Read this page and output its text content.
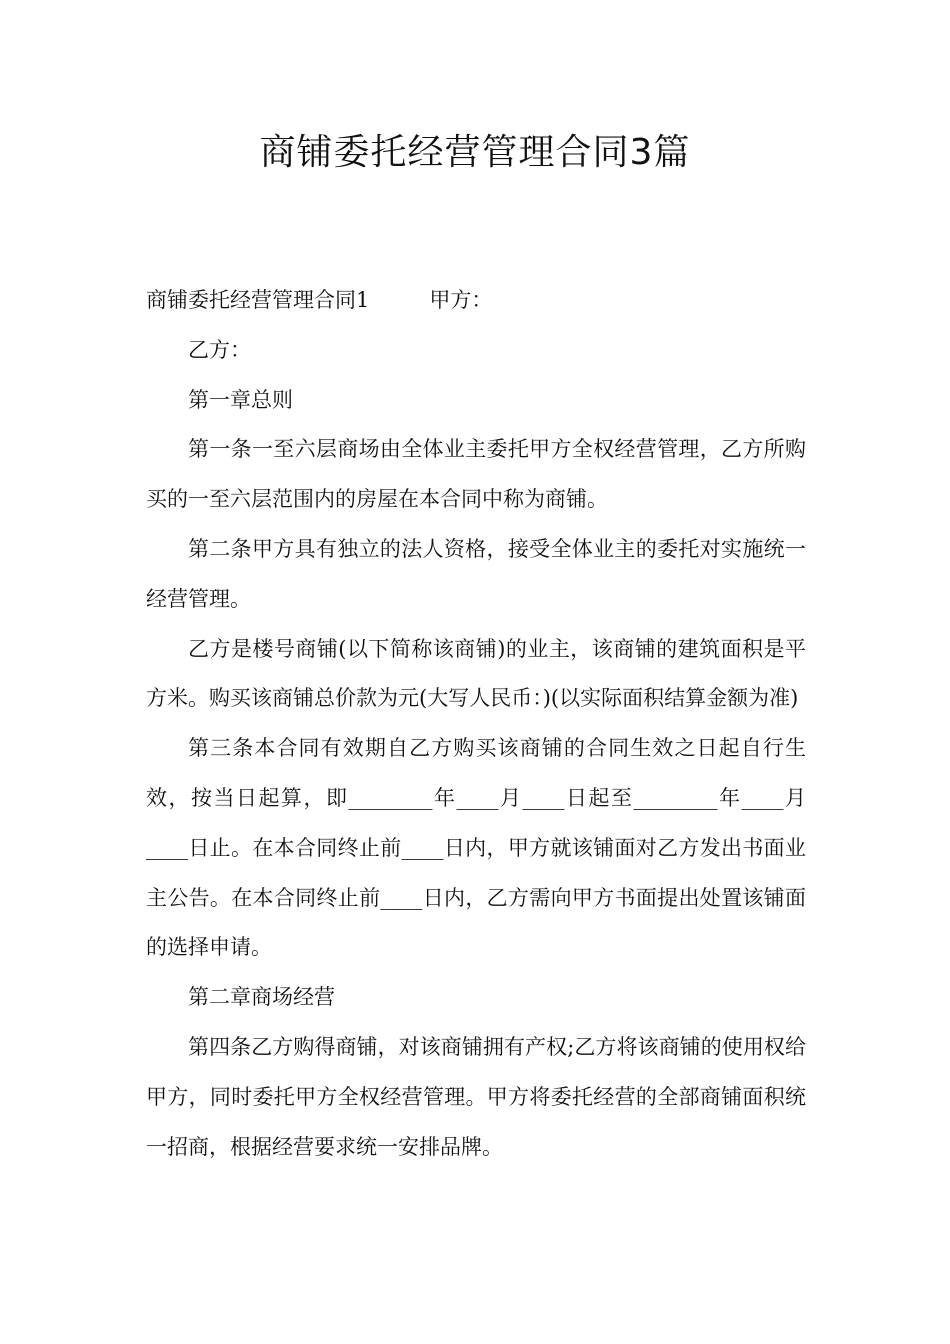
商铺委托经营管理合同3篇

商铺委托经营管理合同1	甲方：

乙方：

第一章总则

第一条一至六层商场由全体业主委托甲方全权经营管理，乙方所购买的一至六层范围内的房屋在本合同中称为商铺。

第二条甲方具有独立的法人资格，接受全体业主的委托对实施统一经营管理。

乙方是楼号商铺(以下简称该商铺)的业主，该商铺的建筑面积是平方米。购买该商铺总价款为元(大写人民币：)(以实际面积结算金额为准)

第三条本合同有效期自乙方购买该商铺的合同生效之日起自行生效，按当日起算，即________年____月____日起至________年____月____日止。在本合同终止前____日内，甲方就该铺面对乙方发出书面业主公告。在本合同终止前____日内，乙方需向甲方书面提出处置该铺面的选择申请。

第二章商场经营

第四条乙方购得商铺，对该商铺拥有产权;乙方将该商铺的使用权给甲方，同时委托甲方全权经营管理。甲方将委托经营的全部商铺面积统一招商，根据经营要求统一安排品牌。
